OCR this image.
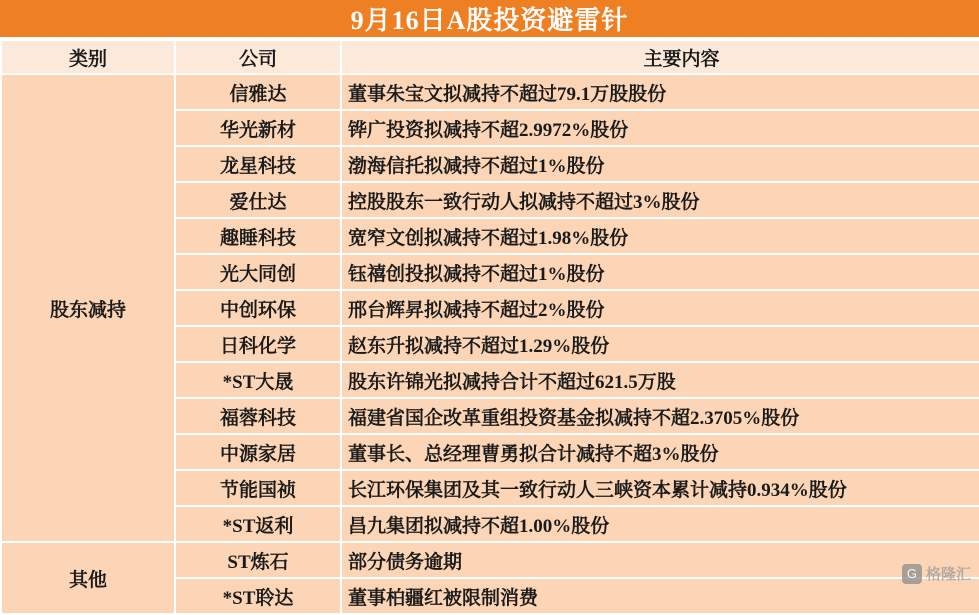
9月16日A股投资避雷针
类别	公司	主要内容
股东减持	信雅达	董事朱宝文拟减持不超过79.1万股股份
	华光新材	铧广投资拟减持不超2.9972%股份
	龙星科技	渤海信托拟减持不超过1%股份
	爱仕达	控股股东一致行动人拟减持不超过3%股份
	趣睡科技	宽窄文创拟减持不超过1.98%股份
	光大同创	钰禧创投拟减持不超过1%股份
	中创环保	邢台辉昇拟减持不超过2%股份
	日科化学	赵东升拟减持不超过1.29%股份
	*ST大晟	股东许锦光拟减持合计不超过621.5万股
	福蓉科技	福建省国企改革重组投资基金拟减持不超2.3705%股份
	中源家居	董事长、总经理曹勇拟合计减持不超3%股份
	节能国祯	长江环保集团及其一致行动人三峡资本累计减持0.934%股份
	*ST返利	昌九集团拟减持不超1.00%股份
其他	ST炼石	部分债务逾期
	*ST聆达	董事柏疆红被限制消费
G 格隆汇
